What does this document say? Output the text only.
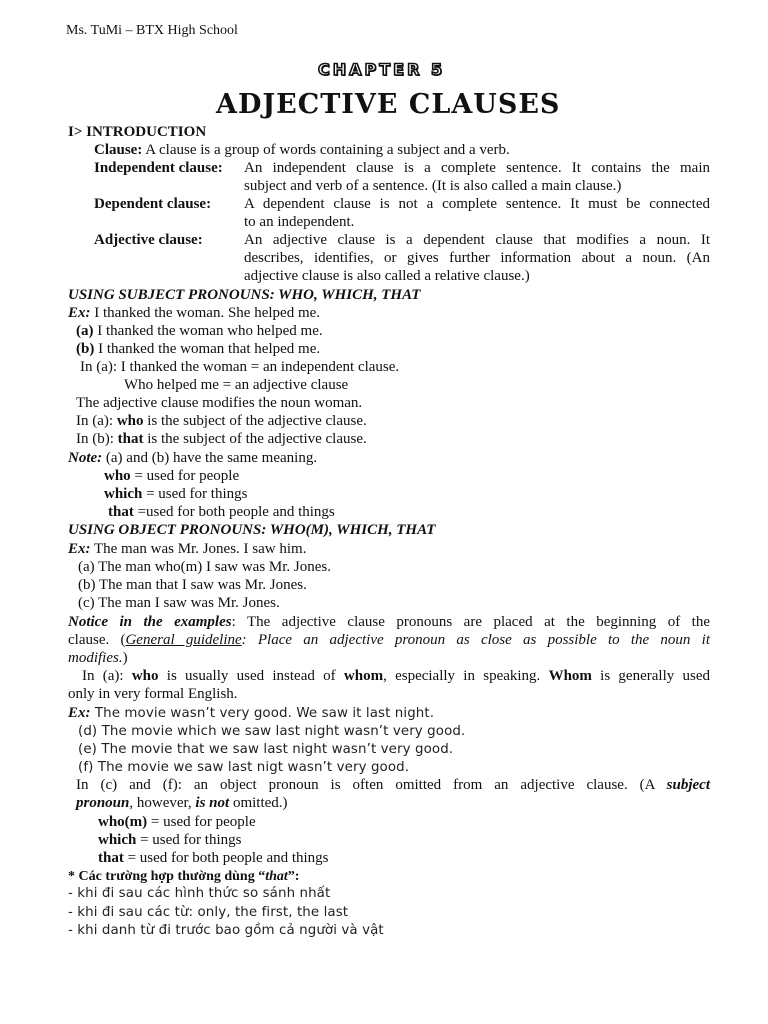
Ms. TuMi – BTX High School
CHAPTER 5
ADJECTIVE CLAUSES
I> INTRODUCTION
Clause: A clause is a group of words containing a subject and a verb.
Independent clause: An independent clause is a complete sentence. It contains the main
subject and verb of a sentence. (It is also called a main clause.)
Dependent clause: A dependent clause is not a complete sentence. It must be connected
to an independent.
Adjective clause:	An adjective clause is a dependent clause that modifies a noun. It
describes, identifies, or gives further information about a noun. (An
adjective clause is also called a relative clause.)
USING SUBJECT PRONOUNS: WHO, WHICH, THAT
Ex: I thanked the woman. She helped me.
(a) I thanked the woman who helped me.
(b) I thanked the woman that helped me.
In (a): I thanked the woman = an independent clause.
Who helped me = an adjective clause
The adjective clause modifies the noun woman.
In (a): who is the subject of the adjective clause.
In (b): that is the subject of the adjective clause.
Note: (a) and (b) have the same meaning.
who = used for people
which = used for things
that =used for both people and things
USING OBJECT PRONOUNS: WHO(M), WHICH, THAT
Ex: The man was Mr. Jones. I saw him.
(a) The man who(m) I saw was Mr. Jones.
(b) The man that I saw was Mr. Jones.
(c) The man I saw was Mr. Jones.
Notice in the examples: The adjective clause pronouns are placed at the beginning of the
clause. (General guideline: Place an adjective pronoun as close as possible to the noun it
modifies.)
In (a): who is usually used instead of whom, especially in speaking. Whom is generally used
only in very formal English.
Ex: The movie wasn’t very good. We saw it last night.
(d) The movie which we saw last night wasn’t very good.
(e) The movie that we saw last night wasn’t very good.
(f) The movie we saw last nigt wasn’t very good.
In (c) and (f): an object pronoun is often omitted from an adjective clause. (A subject
pronoun, however, is not omitted.)
who(m) = used for people
which = used for things
that = used for both people and things
* Các trường hợp thường dùng “that”:
- khi đi sau các hình thức so sánh nhất
- khi đi sau các từ: only, the first, the last
- khi danh từ đi trước bao gồm cả người và vật
